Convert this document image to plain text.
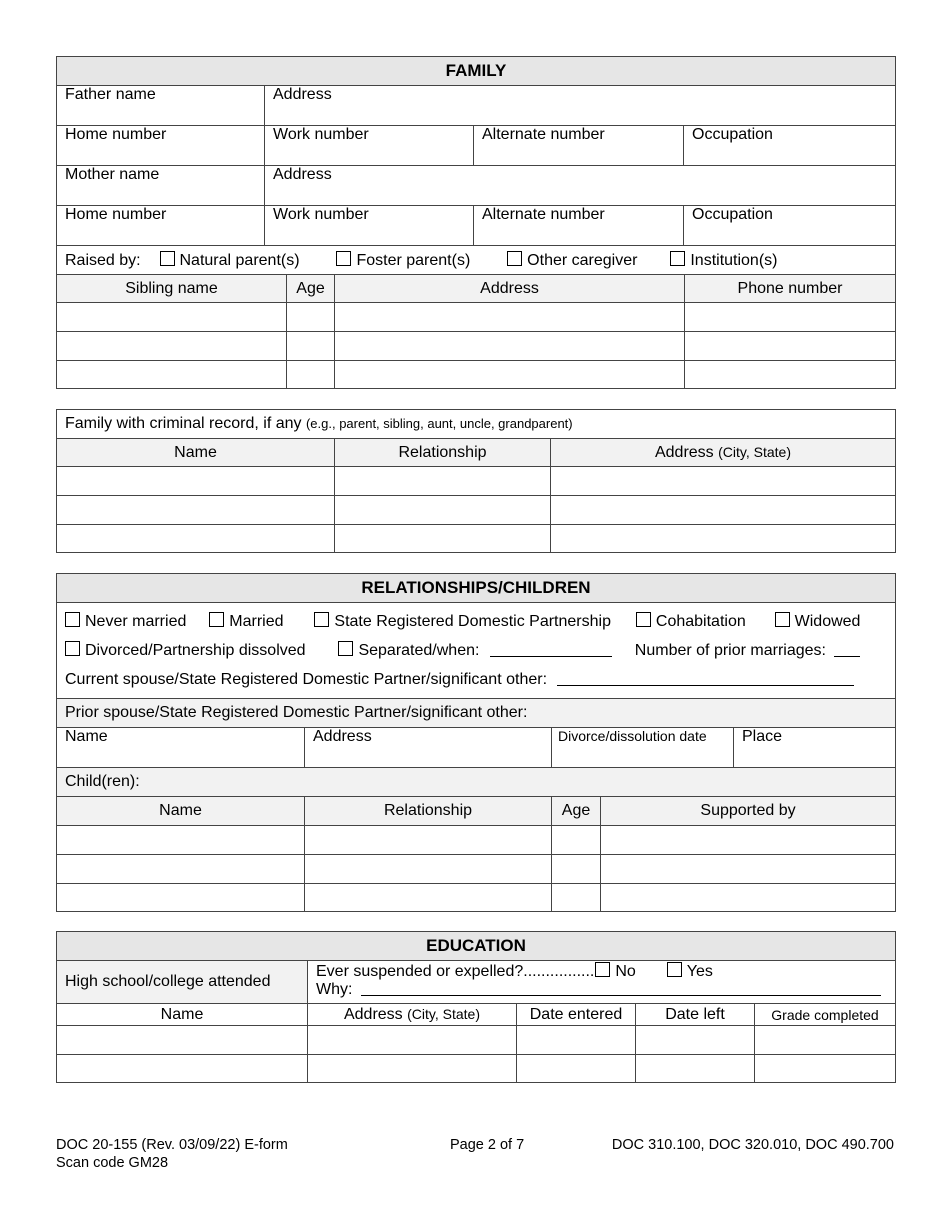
FAMILY			
Father name	Address		
Home number	Work number	Alternate number	Occupation
Mother name	Address		
Home number	Work number	Alternate number	Occupation
Raised by: Natural parent(s) Foster parent(s) Other caregiver Institution(s)			
Sibling name	Age	Address	Phone number

Family with criminal record, if any (e.g., parent, sibling, aunt, uncle, grandparent)		
Name	Relationship	Address (City, State)

RELATIONSHIPS/CHILDREN

Never married	Married	State Registered Domestic Partnership	Cohabitation	Widowed
Divorced/Partnership dissolved	Separated/when:	Number of prior marriages:
Current spouse/State Registered Domestic Partner/significant other:

Prior spouse/State Registered Domestic Partner/significant other:
Name	Address	Divorce/dissolution date	Place
Child(ren):
Name	Relationship	Age	Supported by

EDUCATION
High school/college attended	
Ever suspended or expelled?................ No	Yes
Why:
Name	Address (City, State)	Date entered	Date left	Grade completed

DOC 20-155 (Rev. 03/09/22) E-form
Scan code GM28
Page 2 of 7	DOC 310.100, DOC 320.010, DOC 490.700
